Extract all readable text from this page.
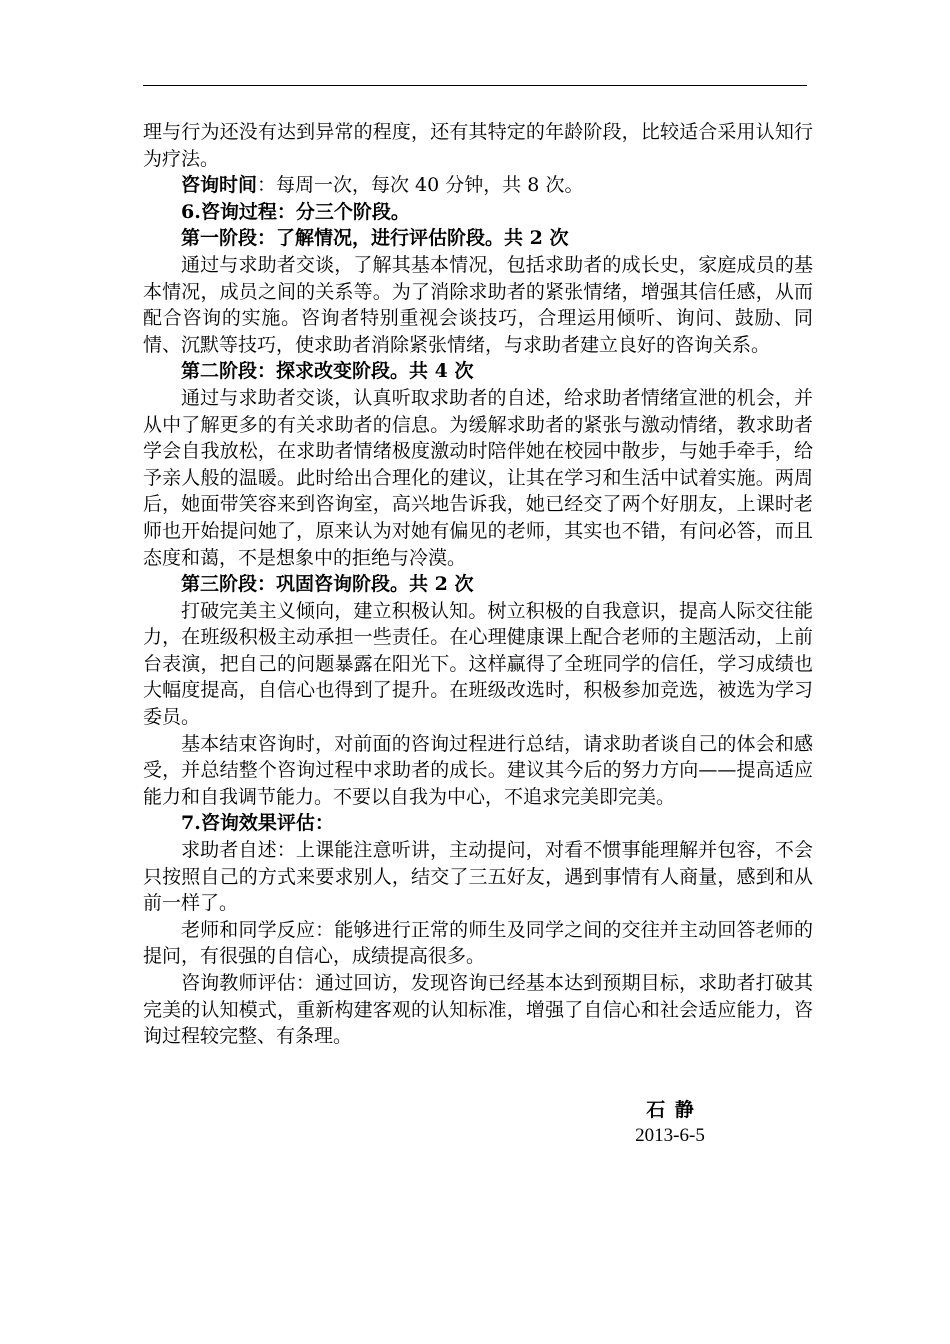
理与行为还没有达到异常的程度，还有其特定的年龄阶段，比较适合采用认知行为疗法。

咨询时间：每周一次，每次 40 分钟，共 8 次。

6.咨询过程：分三个阶段。

第一阶段：了解情况，进行评估阶段。共 2 次

通过与求助者交谈，了解其基本情况，包括求助者的成长史，家庭成员的基本情况，成员之间的关系等。为了消除求助者的紧张情绪，增强其信任感，从而配合咨询的实施。咨询者特别重视会谈技巧，合理运用倾听、询问、鼓励、同情、沉默等技巧，使求助者消除紧张情绪，与求助者建立良好的咨询关系。

第二阶段：探求改变阶段。共 4 次

通过与求助者交谈，认真听取求助者的自述，给求助者情绪宣泄的机会，并从中了解更多的有关求助者的信息。为缓解求助者的紧张与激动情绪，教求助者学会自我放松，在求助者情绪极度激动时陪伴她在校园中散步，与她手牵手，给予亲人般的温暖。此时给出合理化的建议，让其在学习和生活中试着实施。两周后，她面带笑容来到咨询室，高兴地告诉我，她已经交了两个好朋友，上课时老师也开始提问她了，原来认为对她有偏见的老师，其实也不错，有问必答，而且态度和蔼，不是想象中的拒绝与冷漠。

第三阶段：巩固咨询阶段。共 2 次

打破完美主义倾向，建立积极认知。树立积极的自我意识，提高人际交往能力，在班级积极主动承担一些责任。在心理健康课上配合老师的主题活动，上前台表演，把自己的问题暴露在阳光下。这样赢得了全班同学的信任，学习成绩也大幅度提高，自信心也得到了提升。在班级改选时，积极参加竞选，被选为学习委员。

基本结束咨询时，对前面的咨询过程进行总结，请求助者谈自己的体会和感受，并总结整个咨询过程中求助者的成长。建议其今后的努力方向——提高适应能力和自我调节能力。不要以自我为中心，不追求完美即完美。

7.咨询效果评估：

求助者自述：上课能注意听讲，主动提问，对看不惯事能理解并包容，不会只按照自己的方式来要求别人，结交了三五好友，遇到事情有人商量，感到和从前一样了。

老师和同学反应：能够进行正常的师生及同学之间的交往并主动回答老师的提问，有很强的自信心，成绩提高很多。

咨询教师评估：通过回访，发现咨询已经基本达到预期目标，求助者打破其完美的认知模式，重新构建客观的认知标准，增强了自信心和社会适应能力，咨询过程较完整、有条理。

石静
2013-6-5
